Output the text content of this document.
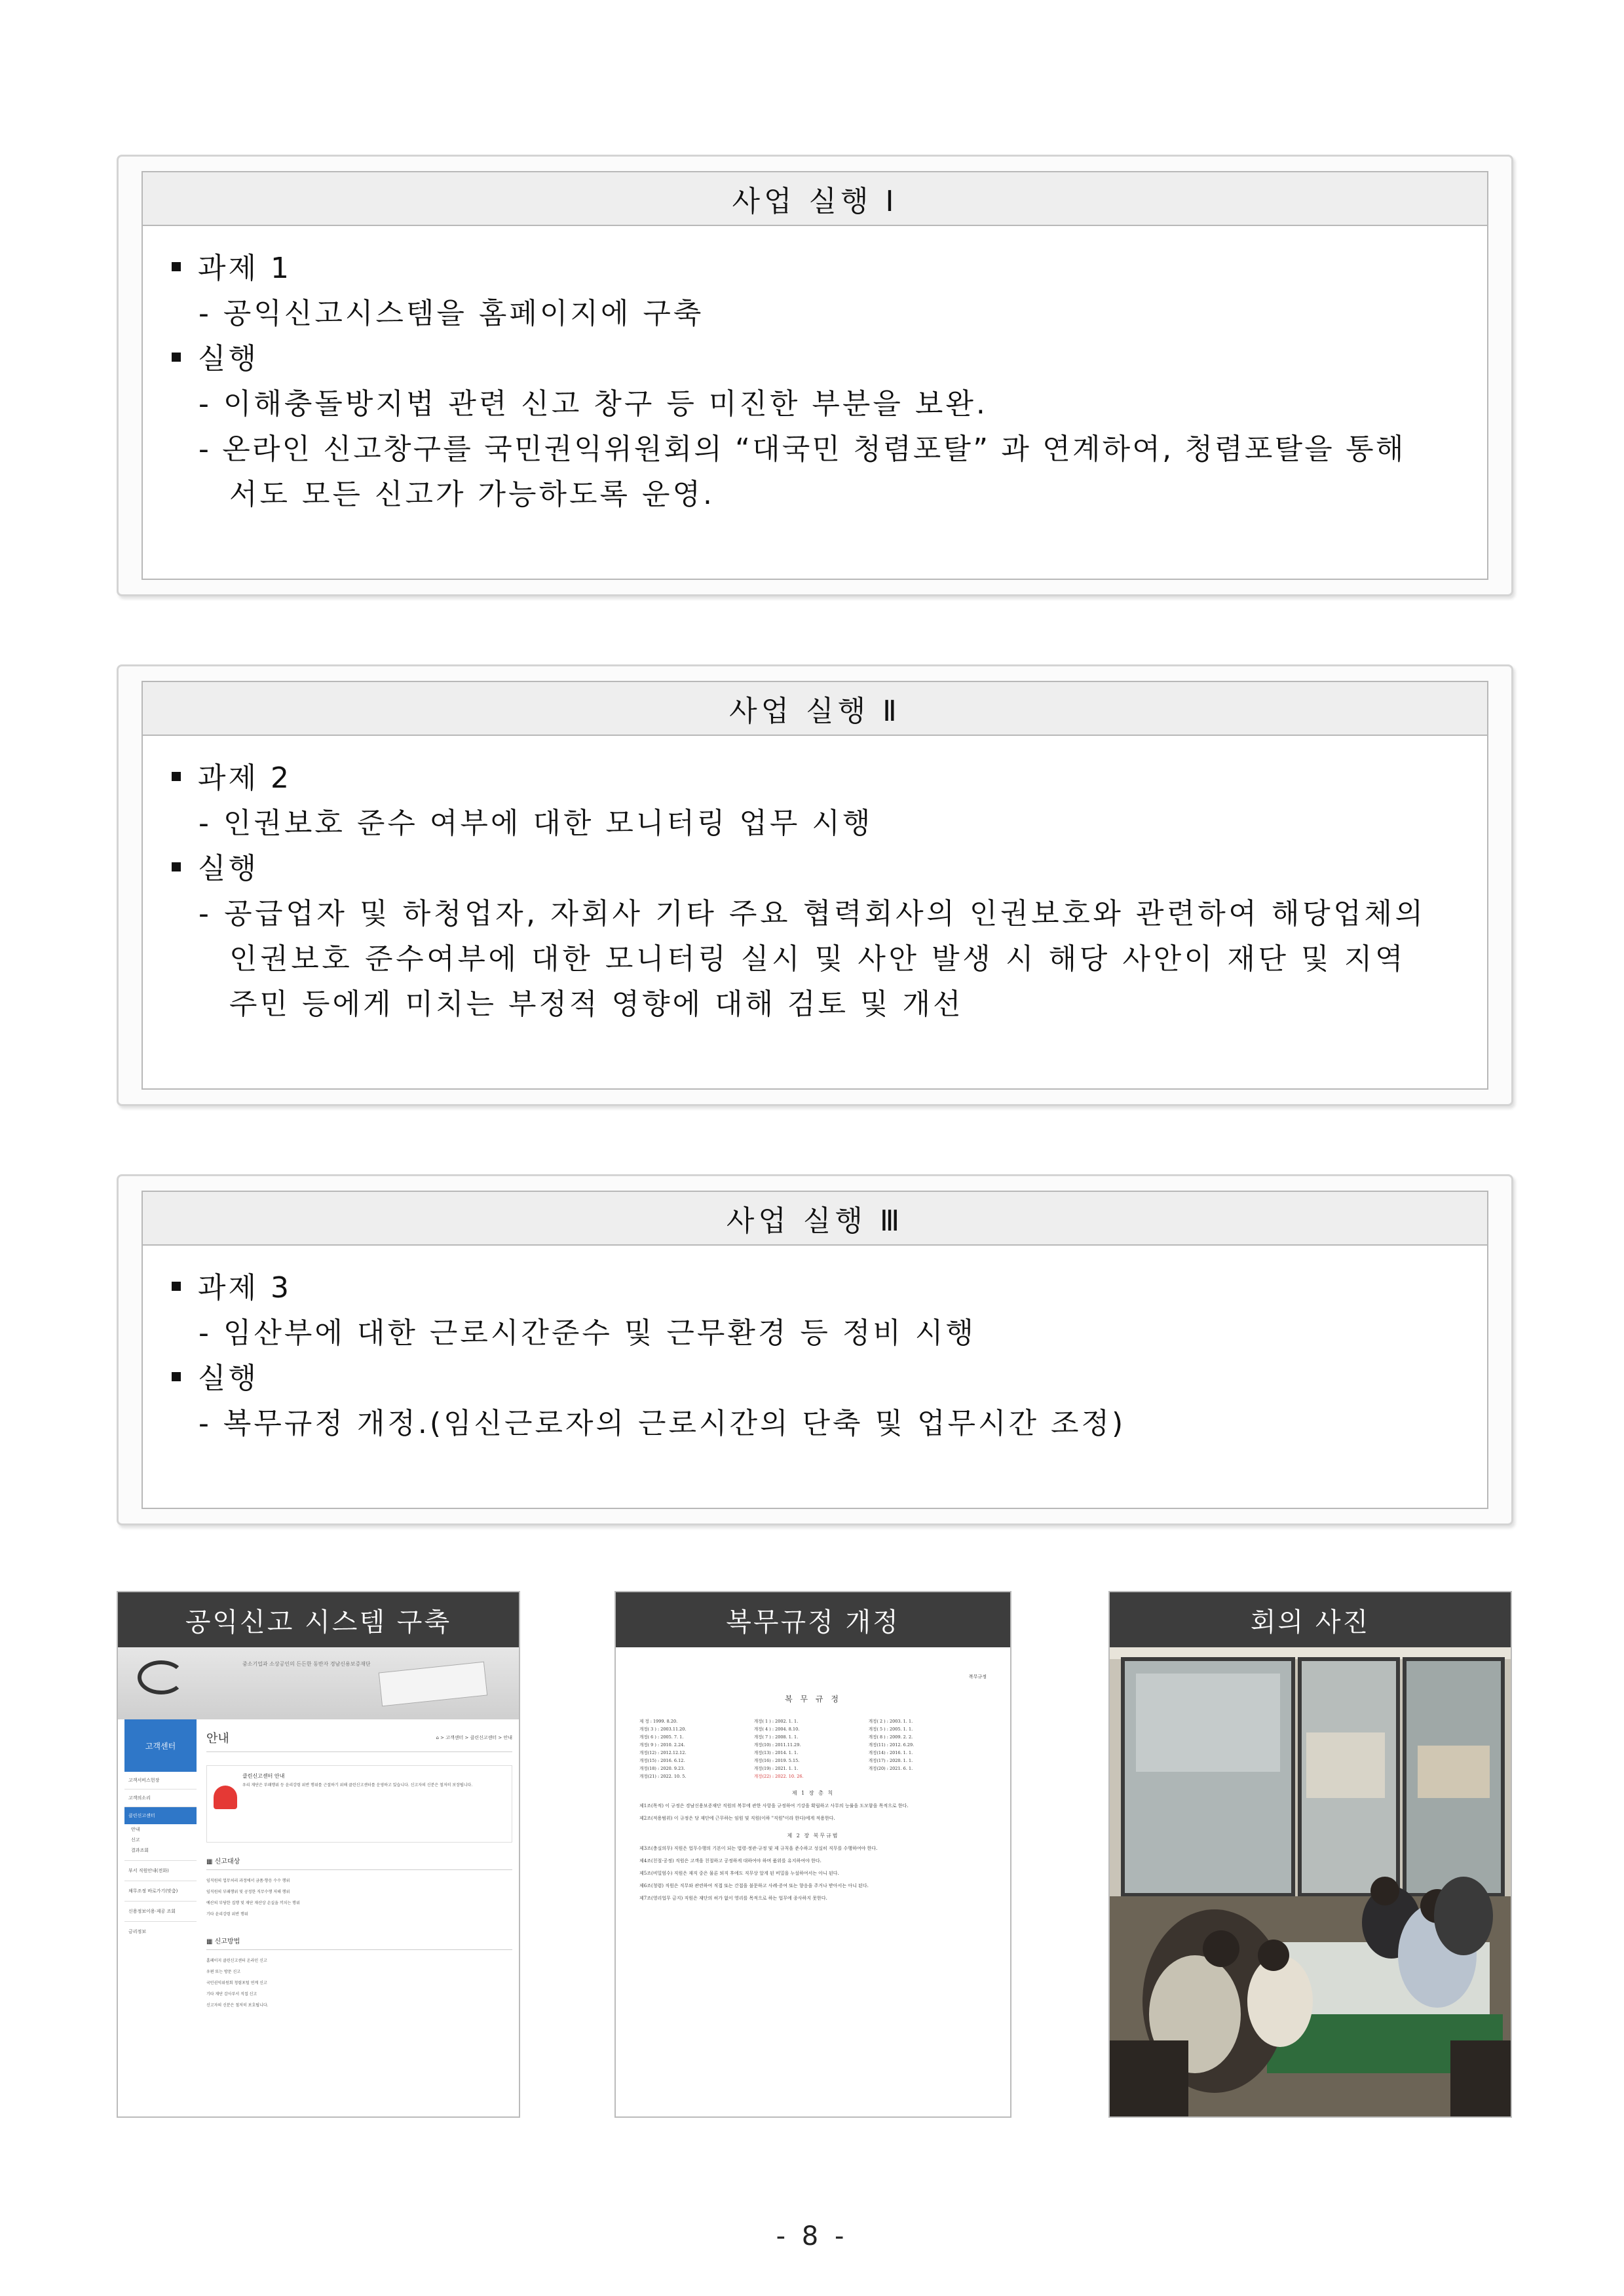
사업 실행 Ⅰ
과제 1
- 공익신고시스템을 홈페이지에 구축
실행
- 이해충돌방지법 관련 신고 창구 등 미진한 부분을 보완.
- 온라인 신고창구를 국민권익위원회의 “대국민 청렴포탈” 과 연계하여, 청렴포탈을 통해
서도 모든 신고가 가능하도록 운영.
사업 실행 Ⅱ
과제 2
- 인권보호 준수 여부에 대한 모니터링 업무 시행
실행
- 공급업자 및 하청업자, 자회사 기타 주요 협력회사의 인권보호와 관련하여 해당업체의
인권보호 준수여부에 대한 모니터링 실시 및 사안 발생 시 해당 사안이 재단 및 지역
주민 등에게 미치는 부정적 영향에 대해 검토 및 개선
사업 실행 Ⅲ
과제 3
- 임산부에 대한 근로시간준수 및 근무환경 등 정비 시행
실행
- 복무규정 개정.(임신근로자의 근로시간의 단축 및 업무시간 조정)
공익신고 시스템 구축
중소기업과 소상공인의 든든한 동반자 경남신용보증재단
고객센터
고객서비스헌장
고객의소리
클린신고센터
안내
신고
결과조회
부서 직원안내(전화)
채무조정 바로가기(맞춤)
신용정보이용·제공 조회
금리정보
안내	⌂ > 고객센터 > 클린신고센터 > 안내
클린신고센터 안내
우리 재단은 부패행위 등 윤리강령 위반 행위를 근절하기 위해 클린신고센터를 운영하고 있습니다. 신고자의 신분은 철저히 보장됩니다.
▦ 신고대상
임직원의 업무처리 과정에서 금품·향응 수수 행위
임직원의 부패행위 및 공정한 직무수행 저해 행위
예산의 부당한 집행 및 재단 재산상 손실을 끼치는 행위
기타 윤리강령 위반 행위
▦ 신고방법
홈페이지 클린신고센터 온라인 신고
우편 또는 방문 신고
국민권익위원회 청렴포털 연계 신고
기타 재단 감사부서 직접 신고
신고자의 신분은 철저히 보호됩니다.
복무규정 개정
복무규정
복 무 규 정
제 정 : 1999. 8.20.	개정( 1 ) : 2002. 1. 1.	개정( 2 ) : 2003. 1. 1.
개정( 3 ) : 2003.11.20.	개정( 4 ) : 2004. 8.10.	개정( 5 ) : 2005. 1. 1.
개정( 6 ) : 2005. 7. 1.	개정( 7 ) : 2008. 1. 1.	개정( 8 ) : 2009. 2. 2.
개정( 9 ) : 2010. 2.24.	개정(10) : 2011.11.29.	개정(11) : 2012. 6.29.
개정(12) : 2012.12.12.	개정(13) : 2014. 1. 1.	개정(14) : 2016. 1. 1.
개정(15) : 2016. 6.12.	개정(16) : 2019. 5.15.	개정(17) : 2020. 1. 1.
개정(18) : 2020. 9.23.	개정(19) : 2021. 1. 1.	개정(20) : 2021. 6. 1.
개정(21) : 2022. 10. 5.	개정(22) : 2022. 10. 26.
제 1 장 총 칙
제1조(목적) 이 규정은 경남신용보증재단 직원의 복무에 관한 사항을 규정하여 기강을 확립하고 사무의 능률을 도모함을 목적으로 한다.
제2조(적용범위) 이 규정은 당 재단에 근무하는 임원 및 직원(이하 "직원"이라 한다)에게 적용한다.
제 2 장 복무규범
제3조(충실의무) 직원은 업무수행의 기본이 되는 법령·정관·규정 및 제 규칙을 준수하고 성실히 직무를 수행하여야 한다.
제4조(친절·공정) 직원은 고객을 친절하고 공정하게 대하여야 하며 품위를 유지하여야 한다.
제5조(비밀엄수) 직원은 재직 중은 물론 퇴직 후에도 직무상 알게 된 비밀을 누설하여서는 아니 된다.
제6조(청렴) 직원은 직무와 관련하여 직접 또는 간접을 불문하고 사례·증여 또는 향응을 주거나 받아서는 아니 된다.
제7조(영리업무 금지) 직원은 재단의 허가 없이 영리를 목적으로 하는 업무에 종사하지 못한다.
회의 사진
- 8 -
